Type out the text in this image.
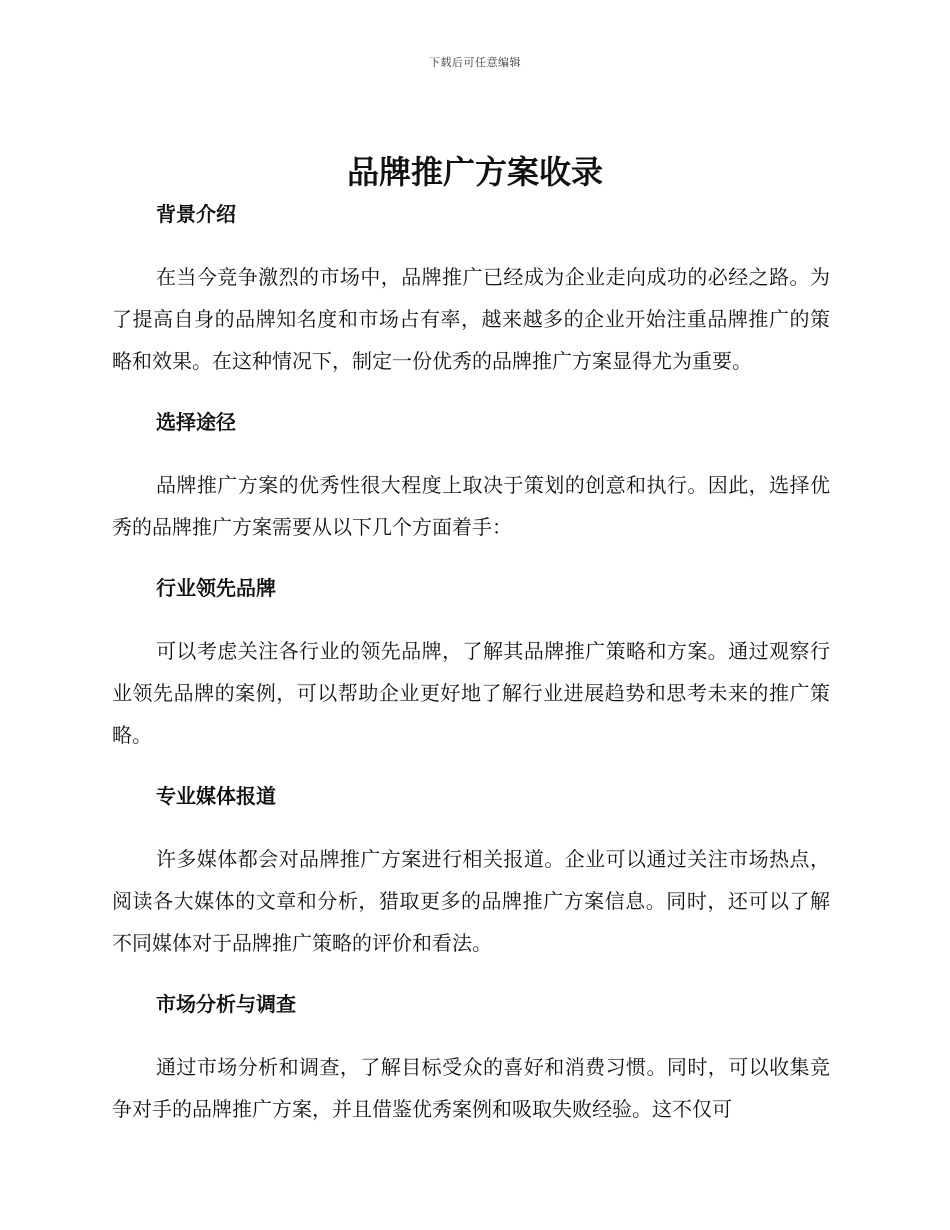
下载后可任意编辑
品牌推广方案收录
背景介绍

在当今竞争激烈的市场中，品牌推广已经成为企业走向成功的必经之路。为了提高自身的品牌知名度和市场占有率，越来越多的企业开始注重品牌推广的策略和效果。在这种情况下，制定一份优秀的品牌推广方案显得尤为重要。

选择途径

品牌推广方案的优秀性很大程度上取决于策划的创意和执行。因此，选择优秀的品牌推广方案需要从以下几个方面着手：

行业领先品牌

可以考虑关注各行业的领先品牌，了解其品牌推广策略和方案。通过观察行业领先品牌的案例，可以帮助企业更好地了解行业进展趋势和思考未来的推广策略。

专业媒体报道

许多媒体都会对品牌推广方案进行相关报道。企业可以通过关注市场热点，阅读各大媒体的文章和分析，猎取更多的品牌推广方案信息。同时，还可以了解不同媒体对于品牌推广策略的评价和看法。

市场分析与调查

通过市场分析和调查，了解目标受众的喜好和消费习惯。同时，可以收集竞争对手的品牌推广方案，并且借鉴优秀案例和吸取失败经验。这不仅可
